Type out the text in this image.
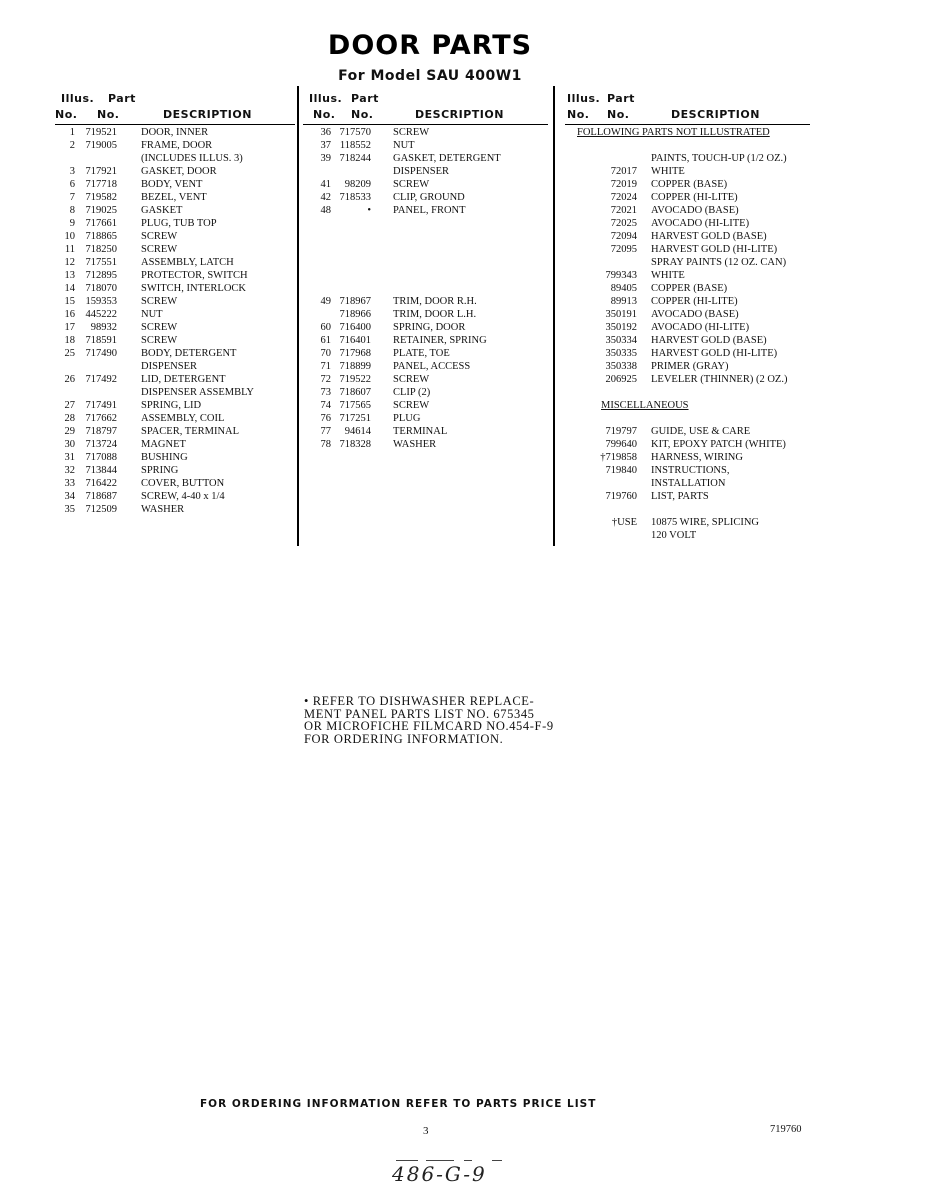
DOOR PARTS
For Model SAU 400W1
Illus. Part
No. No.	DESCRIPTION
1	719521 DOOR, INNER
2	719005 FRAME, DOOR
(INCLUDES ILLUS. 3)
3	717921 GASKET, DOOR
6	717718 BODY, VENT
7	719582 BEZEL, VENT
8	719025 GASKET
9	717661 PLUG, TUB TOP
10	718865 SCREW
11	718250 SCREW
12	717551 ASSEMBLY, LATCH
13	712895 PROTECTOR, SWITCH
14	718070 SWITCH, INTERLOCK
15	159353 SCREW
16	445222 NUT
17	98932 SCREW
18	718591 SCREW
25	717490 BODY, DETERGENT
DISPENSER
26	717492 LID, DETERGENT
DISPENSER ASSEMBLY
27	717491 SPRING, LID
28	717662 ASSEMBLY, COIL
29	718797 SPACER, TERMINAL
30	713724 MAGNET
31	717088 BUSHING
32	713844 SPRING
33	716422 COVER, BUTTON
34	718687 SCREW, 4-40 x 1/4
35	712509 WASHER
Illus. Part
No. No.	DESCRIPTION
36 717570 SCREW
37 118552 NUT
39 718244 GASKET, DETERGENT
DISPENSER
41	98209 SCREW
42 718533 CLIP, GROUND
48	• PANEL, FRONT
49 718967 TRIM, DOOR R.H.
718966 TRIM, DOOR L.H.
60 716400 SPRING, DOOR
61 716401 RETAINER, SPRING
70 717968 PLATE, TOE
71 718899 PANEL, ACCESS
72 719522 SCREW
73 718607 CLIP (2)
74 717565 SCREW
76 717251 PLUG
77	94614 TERMINAL
78 718328 WASHER
Illus. Part
No. No.	DESCRIPTION
FOLLOWING PARTS NOT ILLUSTRATED
PAINTS, TOUCH-UP (1/2 OZ.)
72017 WHITE
72019 COPPER (BASE)
72024 COPPER (HI-LITE)
72021 AVOCADO (BASE)
72025 AVOCADO (HI-LITE)
72094 HARVEST GOLD (BASE)
72095 HARVEST GOLD (HI-LITE)
SPRAY PAINTS (12 OZ. CAN)
799343 WHITE
89405 COPPER (BASE)
89913 COPPER (HI-LITE)
350191 AVOCADO (BASE)
350192 AVOCADO (HI-LITE)
350334 HARVEST GOLD (BASE)
350335 HARVEST GOLD (HI-LITE)
350338 PRIMER (GRAY)
206925 LEVELER (THINNER) (2 OZ.)
MISCELLANEOUS
719797 GUIDE, USE & CARE
799640 KIT, EPOXY PATCH (WHITE)
†719858 HARNESS, WIRING
719840 INSTRUCTIONS,
INSTALLATION
719760 LIST, PARTS
†USE 10875 WIRE, SPLICING
120 VOLT
• REFER TO DISHWASHER REPLACE-
MENT PANEL PARTS LIST NO. 675345
OR MICROFICHE FILMCARD NO.454-F-9
FOR ORDERING INFORMATION.
FOR ORDERING INFORMATION REFER TO PARTS PRICE LIST
3	719760
486-G-9
